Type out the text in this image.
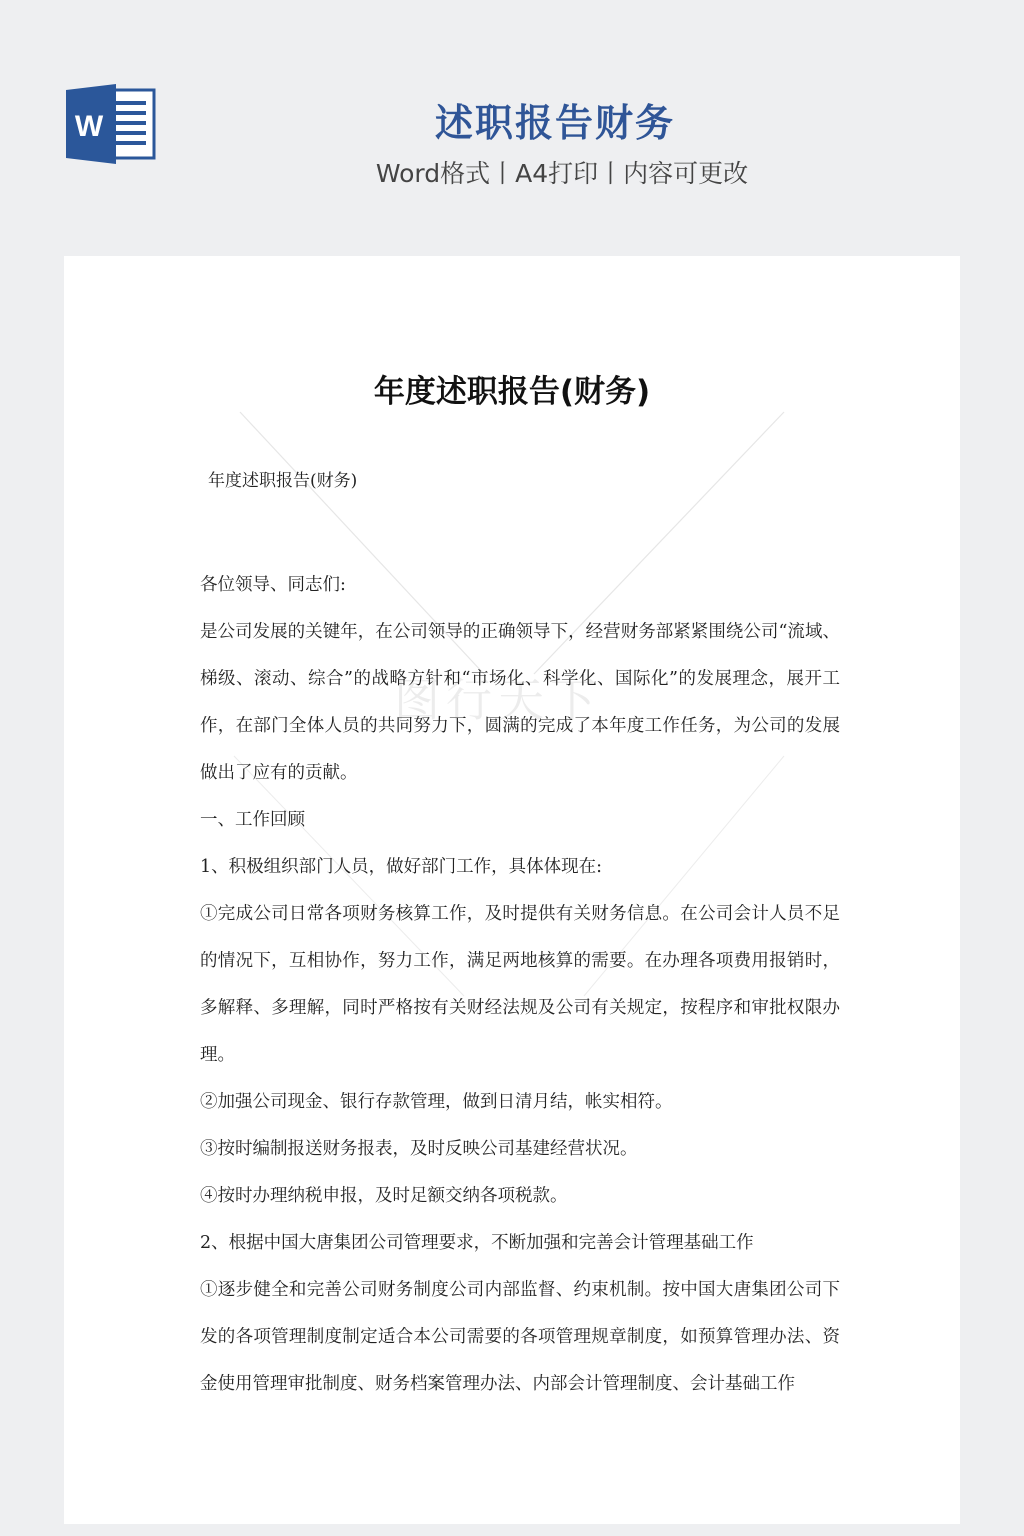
W	述职报告财务
Word格式丨A4打印丨内容可更改
图行天下
年度述职报告(财务)
年度述职报告(财务)
各位领导、同志们:
是公司发展的关键年，在公司领导的正确领导下，经营财务部紧紧围绕公司“流域、梯级、滚动、综合”的战略方针和“市场化、科学化、国际化”的发展理念，展开工作，在部门全体人员的共同努力下，圆满的完成了本年度工作任务，为公司的发展做出了应有的贡献。
一、工作回顾
1、积极组织部门人员，做好部门工作，具体体现在:
①完成公司日常各项财务核算工作，及时提供有关财务信息。在公司会计人员不足的情况下，互相协作，努力工作，满足两地核算的需要。在办理各项费用报销时，多解释、多理解，同时严格按有关财经法规及公司有关规定，按程序和审批权限办理。
②加强公司现金、银行存款管理，做到日清月结，帐实相符。
③按时编制报送财务报表，及时反映公司基建经营状况。
④按时办理纳税申报，及时足额交纳各项税款。
2、根据中国大唐集团公司管理要求，不断加强和完善会计管理基础工作
①逐步健全和完善公司财务制度公司内部监督、约束机制。按中国大唐集团公司下发的各项管理制度制定适合本公司需要的各项管理规章制度，如预算管理办法、资金使用管理审批制度、财务档案管理办法、内部会计管理制度、会计基础工作
